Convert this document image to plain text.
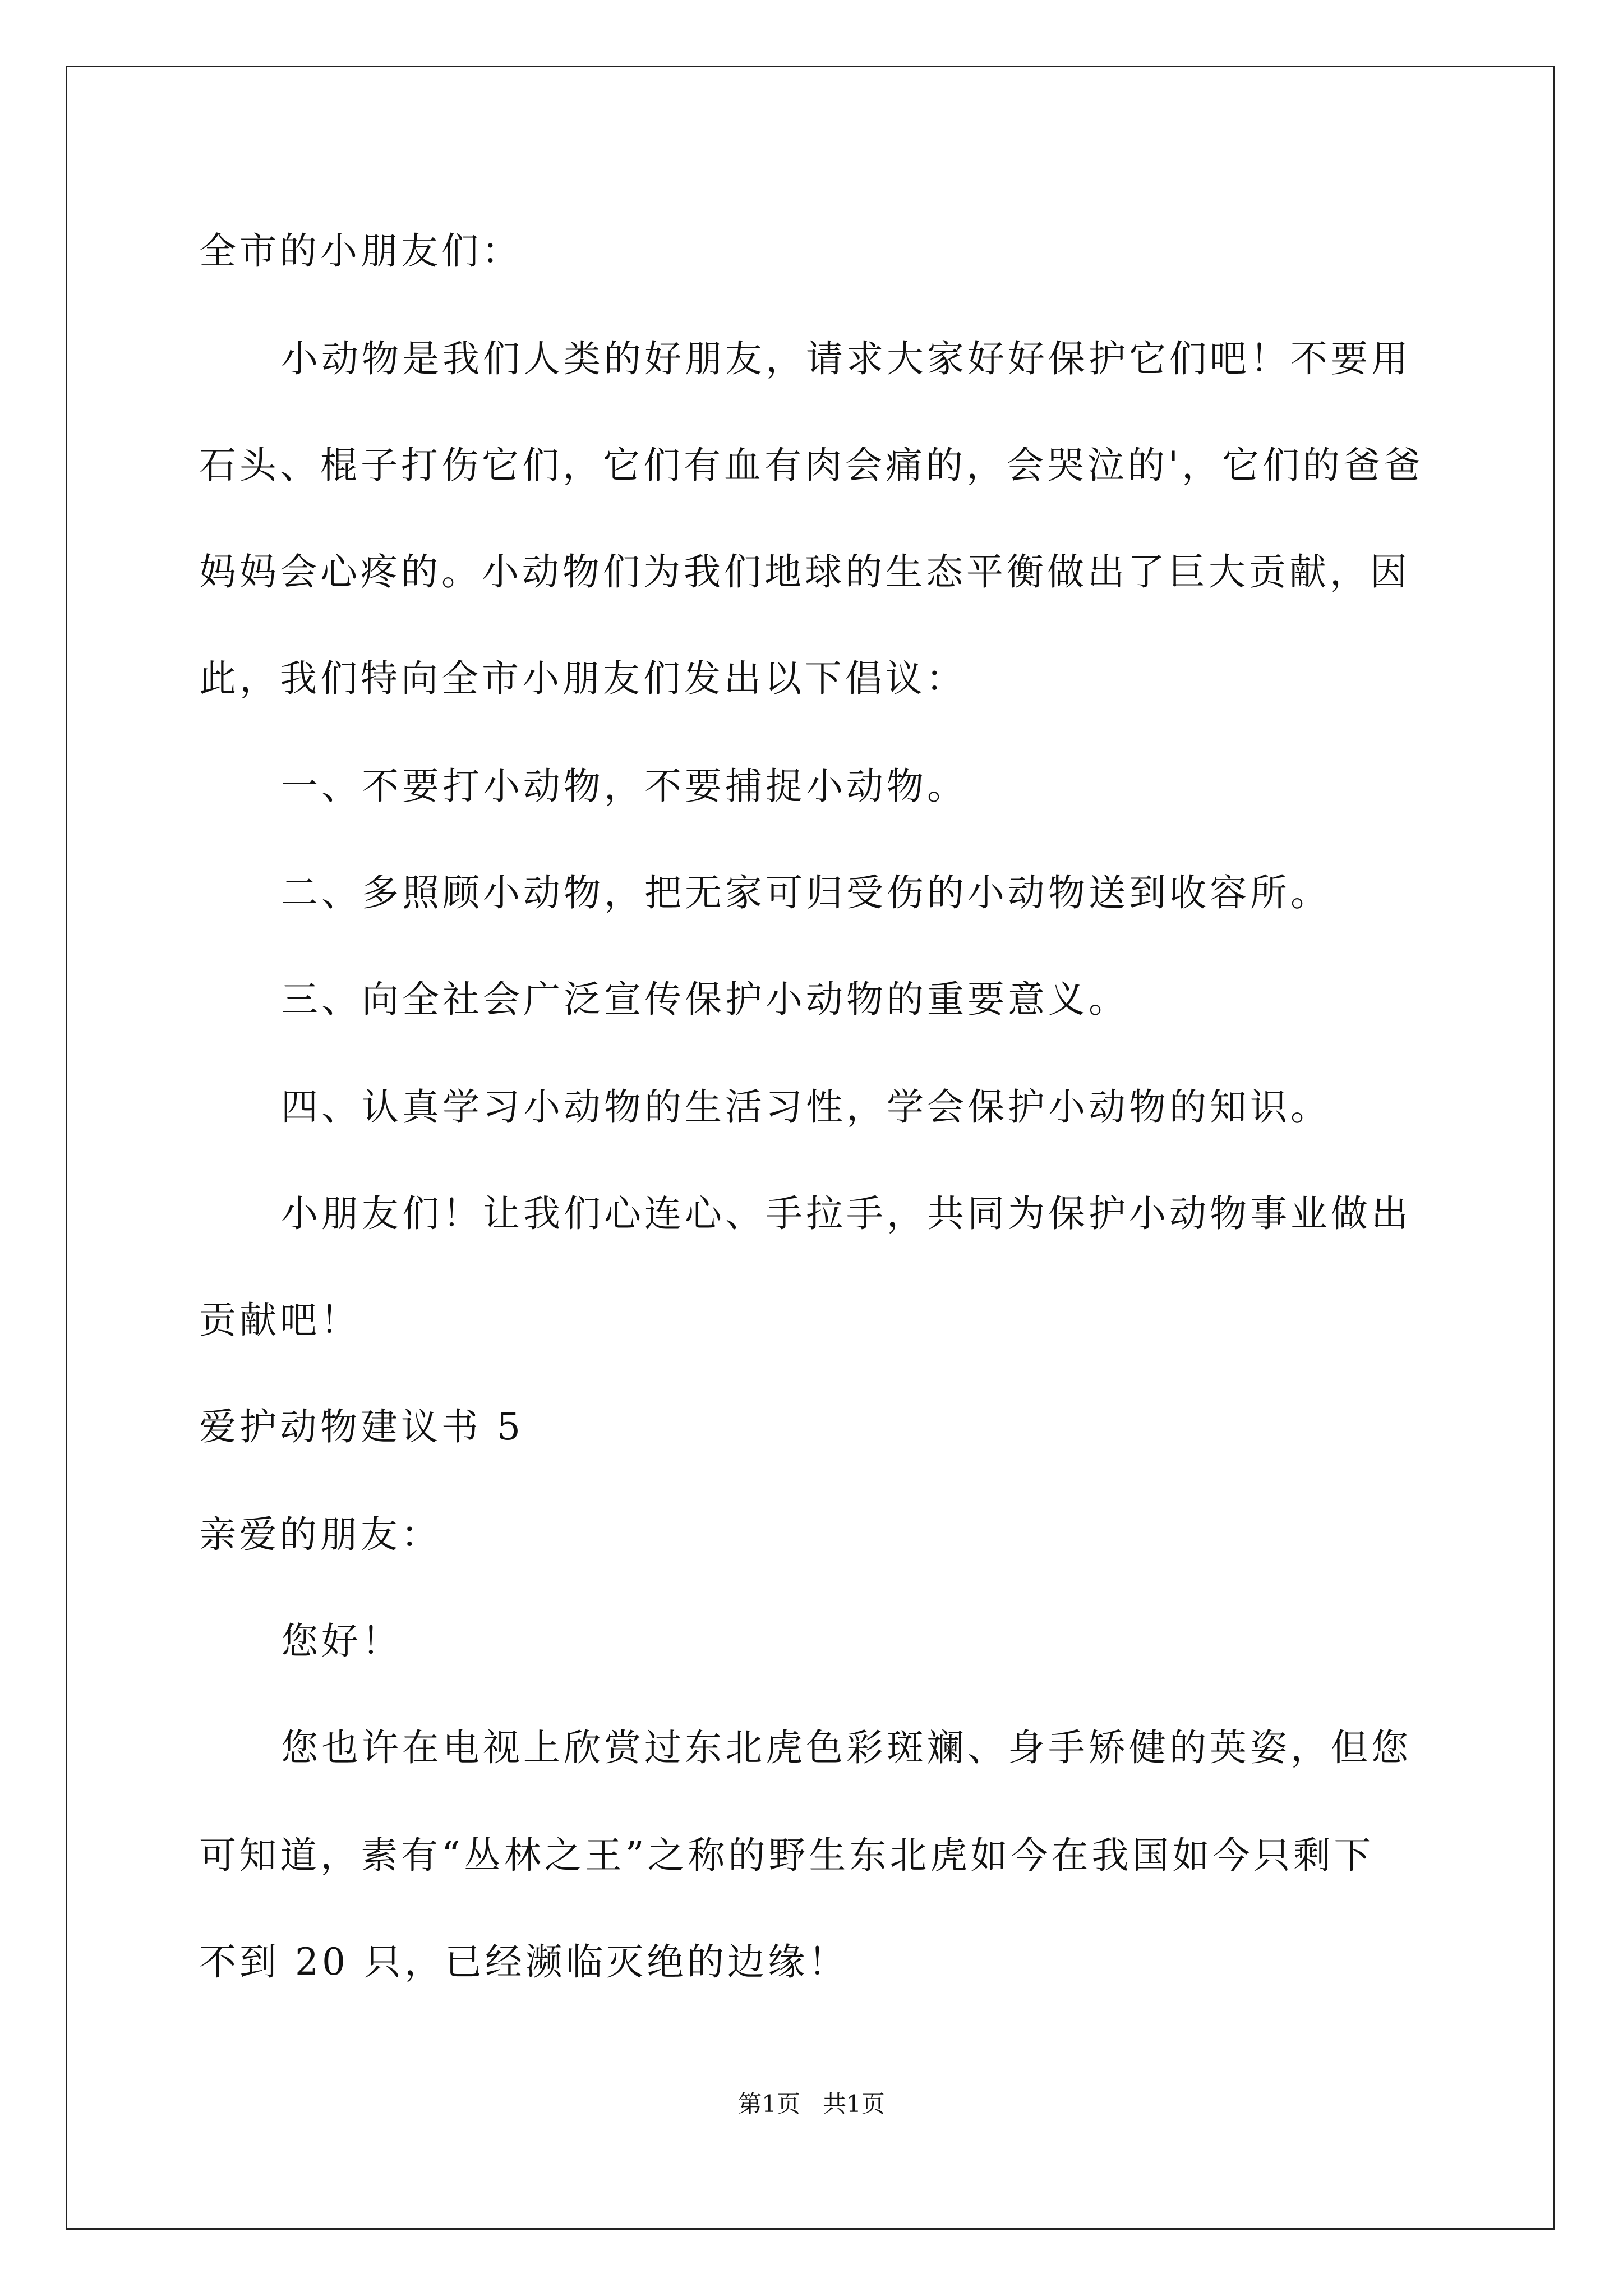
全市的小朋友们：
小动物是我们人类的好朋友，请求大家好好保护它们吧！不要用
石头、棍子打伤它们，它们有血有肉会痛的，会哭泣的'，它们的爸爸
妈妈会心疼的。小动物们为我们地球的生态平衡做出了巨大贡献，因
此，我们特向全市小朋友们发出以下倡议：
一、不要打小动物，不要捕捉小动物。
二、多照顾小动物，把无家可归受伤的小动物送到收容所。
三、向全社会广泛宣传保护小动物的重要意义。
四、认真学习小动物的生活习性，学会保护小动物的知识。
小朋友们！让我们心连心、手拉手，共同为保护小动物事业做出
贡献吧！
爱护动物建议书 5
亲爱的朋友：
您好！
您也许在电视上欣赏过东北虎色彩斑斓、身手矫健的英姿，但您
可知道，素有“丛林之王”之称的野生东北虎如今在我国如今只剩下
不到 20 只，已经濒临灭绝的边缘！
第1页   共1页
